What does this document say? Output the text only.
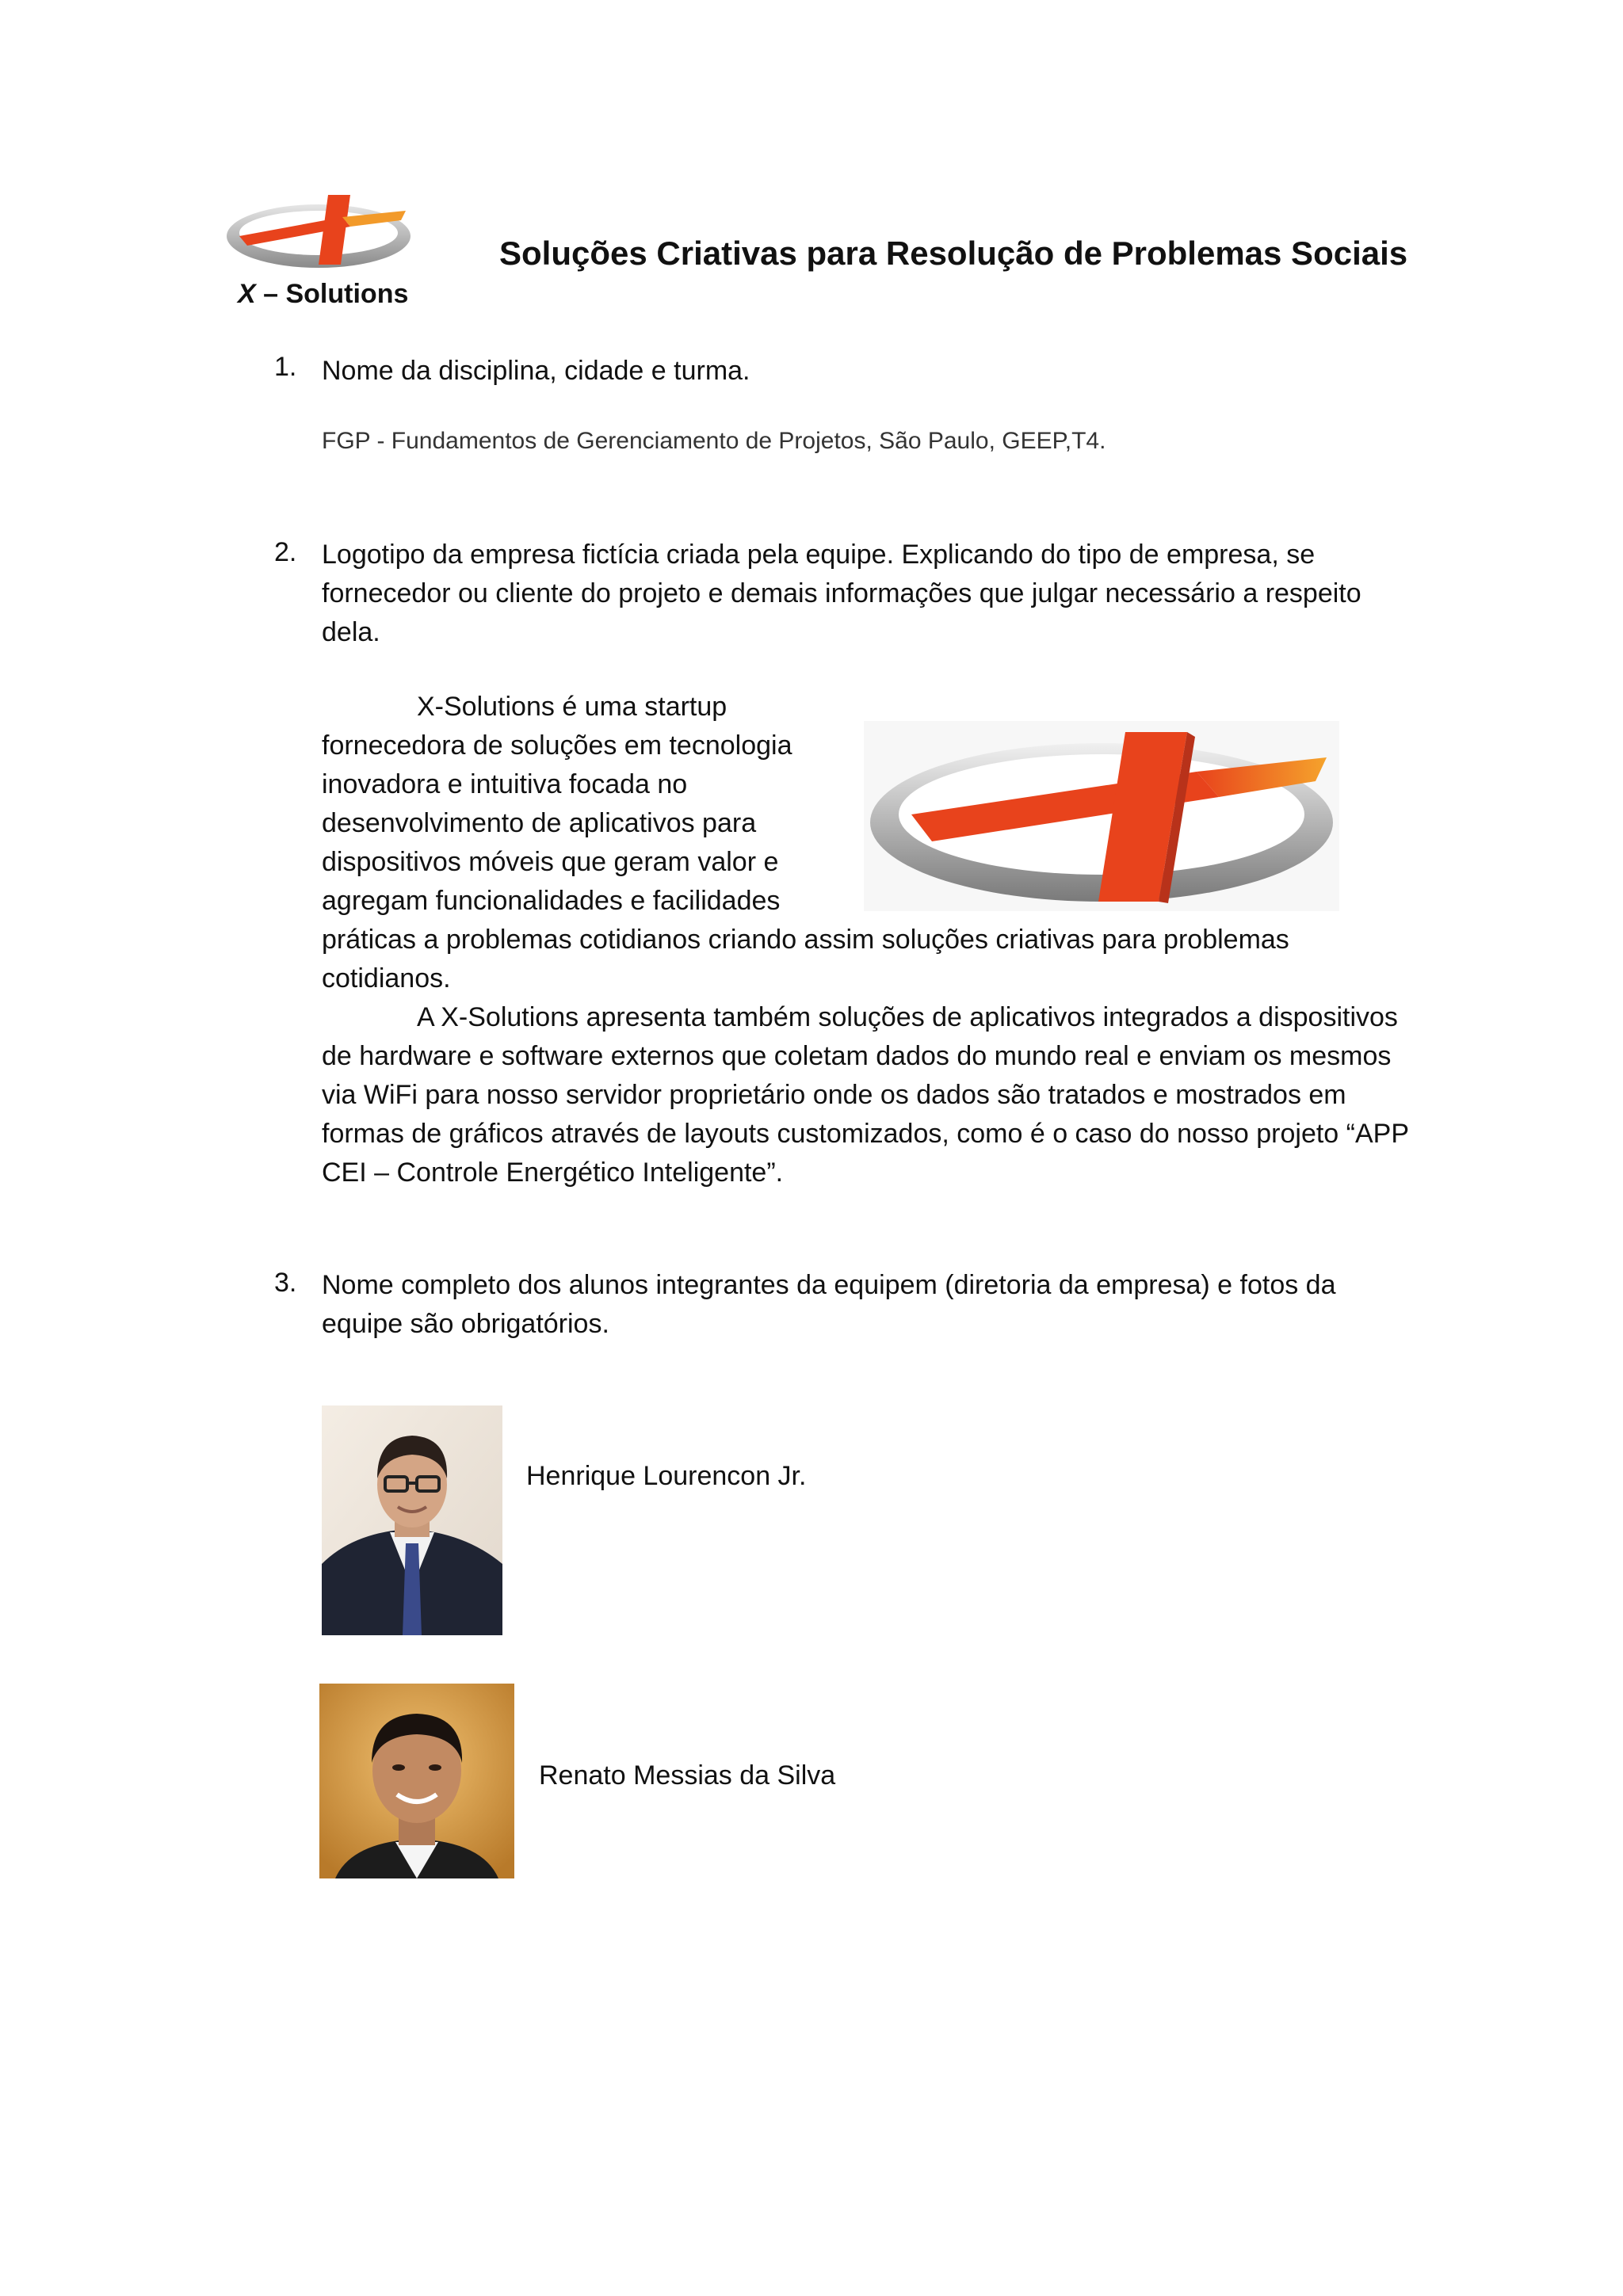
X – Solutions
Soluções Criativas para Resolução de Problemas Sociais
1. Nome da disciplina, cidade e turma.
FGP - Fundamentos de Gerenciamento de Projetos, São Paulo, GEEP,T4.
2. Logotipo da empresa fictícia criada pela equipe. Explicando do tipo de empresa, se fornecedor ou cliente do projeto e demais informações que julgar necessário a respeito dela.
X-Solutions é uma startup
fornecedora de soluções em tecnologia
inovadora e intuitiva focada no
desenvolvimento de aplicativos para
dispositivos móveis que geram valor e
agregam funcionalidades e facilidades
práticas a problemas cotidianos criando assim soluções criativas para problemas
cotidianos.
A X-Solutions apresenta também soluções de aplicativos integrados a dispositivos
de hardware e software externos que coletam dados do mundo real e enviam os mesmos
via WiFi para nosso servidor proprietário onde os dados são tratados e mostrados em
formas de gráficos através de layouts customizados, como é o caso do nosso projeto “APP
CEI – Controle Energético Inteligente”.
3. Nome completo dos alunos integrantes da equipem (diretoria da empresa) e fotos da equipe são obrigatórios.
Henrique Lourencon Jr.
Renato Messias da Silva
